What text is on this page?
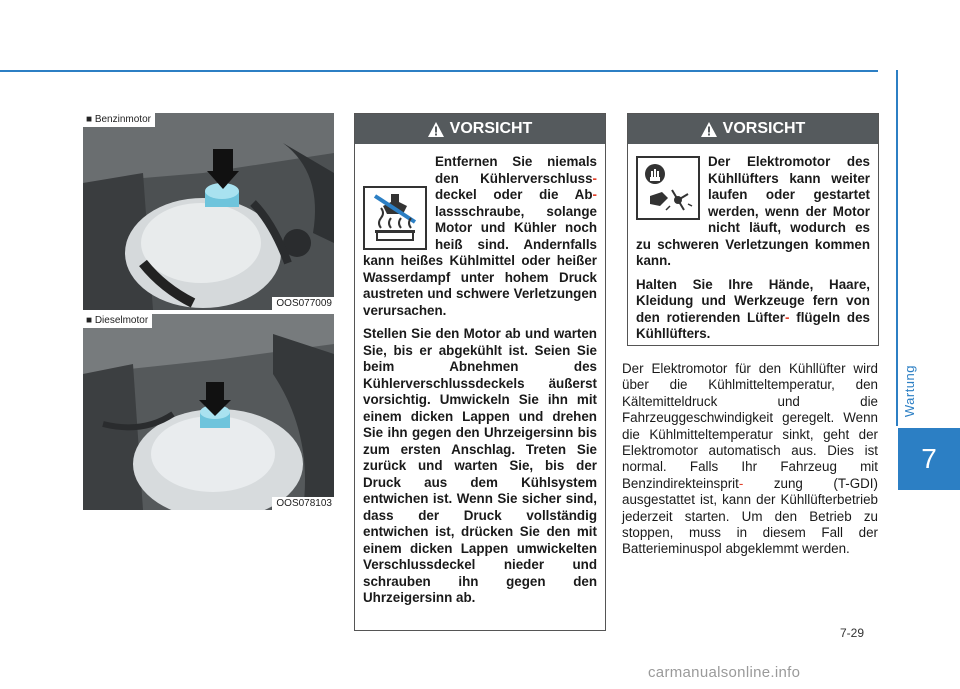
Wartung
7
■ Benzinmotor
OOS077009
■ Dieselmotor
OOS078103
VORSICHT

Entfernen Sie niemals den Kühlerverschluss- deckel oder die Ab- lassschraube, solange Motor und Kühler noch heiß sind. Andernfalls kann heißes Kühlmittel oder heißer Wasserdampf unter hohem Druck austreten und schwere Verletzungen verursachen.

Stellen Sie den Motor ab und warten Sie, bis er abgekühlt ist. Seien Sie beim Abnehmen des Kühlerverschlussdeckels äußerst vorsichtig. Umwickeln Sie ihn mit einem dicken Lappen und drehen Sie ihn gegen den Uhrzeigersinn bis zum ersten Anschlag. Treten Sie zurück und warten Sie, bis der Druck aus dem Kühlsystem entwichen ist. Wenn Sie sicher sind, dass der Druck vollständig entwichen ist, drücken Sie den mit einem dicken Lappen umwickelten Verschlussdeckel nieder und schrauben ihn gegen den Uhrzeigersinn ab.

VORSICHT

Der Elektromotor des Kühllüfters kann weiter laufen oder gestartet werden, wenn der Motor nicht läuft, wodurch es zu schweren Verletzungen kommen kann.

Halten Sie Ihre Hände, Haare, Kleidung und Werkzeuge fern von den rotierenden Lüfter- flügeln des Kühllüfters.

Der Elektromotor für den Kühllüfter wird über die Kühlmitteltemperatur, den Kältemitteldruck und die Fahrzeuggeschwindigkeit geregelt. Wenn die Kühlmitteltemperatur sinkt, geht der Elektromotor automatisch aus. Dies ist normal. Falls Ihr Fahrzeug mit Benzindirekteinsprit- zung (T-GDI) ausgestattet ist, kann der Kühllüfterbetrieb jederzeit starten. Um den Betrieb zu stoppen, muss in diesem Fall der Batterieminuspol abgeklemmt werden.

7-29
carmanualsonline.info
